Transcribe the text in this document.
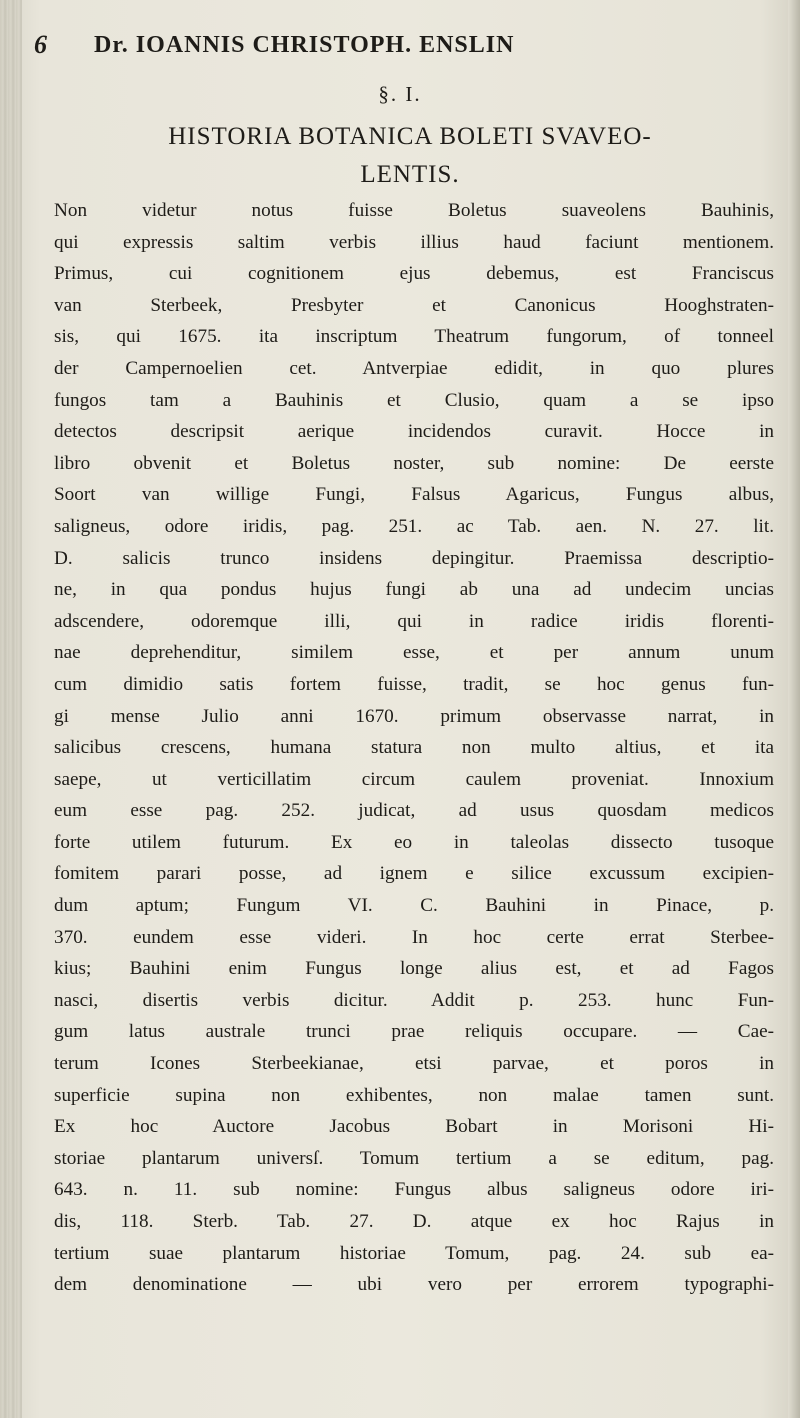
6 Dr. IOANNIS CHRISTOPH. ENSLIN
§. I.
HISTORIA BOTANICA BOLETI SVAVEO-
LENTIS.
Non videtur notus fuisse Boletus suaveolens Bauhinis,
qui expressis saltim verbis illius haud faciunt mentionem.
Primus, cui cognitionem ejus debemus, est Franciscus
van Sterbeek, Presbyter et Canonicus Hooghstraten-
sis, qui 1675. ita inscriptum Theatrum fungorum, of tonneel
der Campernoelien cet. Antverpiae edidit, in quo plures
fungos tam a Bauhinis et Clusio, quam a se ipso
detectos descripsit aerique incidendos curavit. Hocce in
libro obvenit et Boletus noster, sub nomine: De eerste
Soort van willige Fungi, Falsus Agaricus, Fungus albus,
saligneus, odore iridis, pag. 251. ac Tab. aen. N. 27. lit.
D. salicis trunco insidens depingitur. Praemissa descriptio-
ne, in qua pondus hujus fungi ab una ad undecim uncias
adscendere, odoremque illi, qui in radice iridis florenti-
nae deprehenditur, similem esse, et per annum unum
cum dimidio satis fortem fuisse, tradit, se hoc genus fun-
gi mense Julio anni 1670. primum observasse narrat, in
salicibus crescens, humana statura non multo altius, et ita
saepe, ut verticillatim circum caulem proveniat. Innoxium
eum esse pag. 252. judicat, ad usus quosdam medicos
forte utilem futurum. Ex eo in taleolas dissecto tusoque
fomitem parari posse, ad ignem e silice excussum excipien-
dum aptum; Fungum VI. C. Bauhini in Pinace, p.
370. eundem esse videri. In hoc certe errat Sterbee-
kius; Bauhini enim Fungus longe alius est, et ad Fagos
nasci, disertis verbis dicitur. Addit p. 253. hunc Fun-
gum latus australe trunci prae reliquis occupare. — Cae-
terum Icones Sterbeekianae, etsi parvae, et poros in
superficie supina non exhibentes, non malae tamen sunt.
Ex hoc Auctore Jacobus Bobart in Morisoni Hi-
storiae plantarum universſ. Tomum tertium a se editum, pag.
643. n. 11. sub nomine: Fungus albus saligneus odore iri-
dis, 118. Sterb. Tab. 27. D. atque ex hoc Rajus in
tertium suae plantarum historiae Tomum, pag. 24. sub ea-
dem denominatione — ubi vero per errorem typographi-
